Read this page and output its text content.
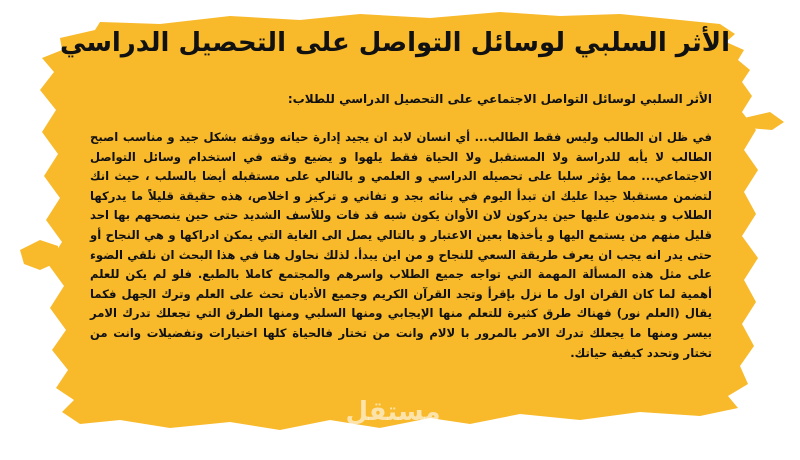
الأثر السلبي لوسائل التواصل على التحصيل الدراسي
الأثر السلبي لوسائل التواصل الاجتماعي على التحصيل الدراسي للطلاب:
في ظل ان الطالب وليس فقط الطالب... أي انسان لابد ان يجيد إدارة حياته ووقته بشكل جيد و مناسب اصبح الطالب لا يأبه للدراسة ولا المستقبل ولا الحياة فقط يلهوا و يضيع وقته في استخدام وسائل التواصل الاجتماعي... مما يؤثر سلبا على تحصيله الدراسي و العلمي و بالتالي على مستقبله أيضا بالسلب ، حيث انك لتضمن مستقبلا جيدا عليك ان تبدأ اليوم في بنائه بجد و تفاني و تركيز و اخلاص، هذه حقيقة قليلاً ما يدركها الطلاب و يندمون عليها حين يدركون لان الأوان يكون شبه قد فات وللأسف الشديد حتى حين ينصحهم بها احد قليل منهم من يستمع اليها و يأخذها بعين الاعتبار و بالتالي يصل الى الغاية التي يمكن ادراكها و هي النجاح أو حتى يدر انه يجب ان يعرف طريقة السعي للنجاح و من اين يبدأ. لذلك نحاول هنا في هذا البحث ان نلقي الضوء على مثل هذه المسألة المهمة التي تواجه جميع الطلاب واسرهم والمجتمع كاملا بالطبع. فلو لم يكن للعلم أهمية لما كان القران اول ما نزل بإقرأ وتجد القرآن الكريم وجميع الأديان تحث على العلم وترك الجهل فكما يقال (العلم نور) فهناك طرق كثيرة للتعلم منها الإيجابي ومنها السلبي ومنها الطرق التي تجعلك تدرك الامر بيسر ومنها ما يجعلك تدرك الامر بالمرور با لالام وانت من تختار فالحياة كلها اختيارات وتفضيلات وانت من تختار وتحدد كيفية حياتك.
مستقل
mostaql.com
